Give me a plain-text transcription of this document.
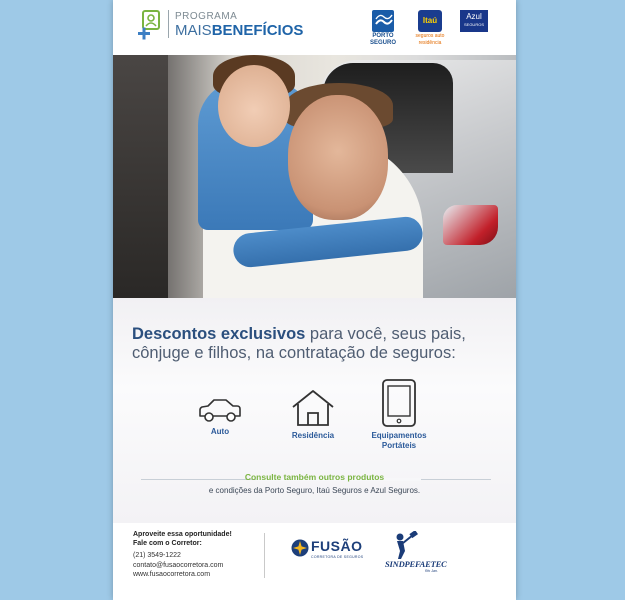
PROGRAMA
MAISBENEFÍCIOS	PORTO SEGURO
Itaú
seguros auto
residência
Azul
SEGUROS
Descontos exclusivos para você, seus pais, cônjuge e filhos, na contratação de seguros:
Auto	Residência	Equipamentos Portáteis
Consulte também outros produtos
e condições da Porto Seguro, Itaú Seguros e Azul Seguros.
Aproveite essa oportunidade!
Fale com o Corretor:
(21) 3549-1222
contato@fusaocorretora.com
www.fusaocorretora.com
FUSÃO
CORRETORA DE SEGUROS
SINDPEFAETEC
Rio Jan.
